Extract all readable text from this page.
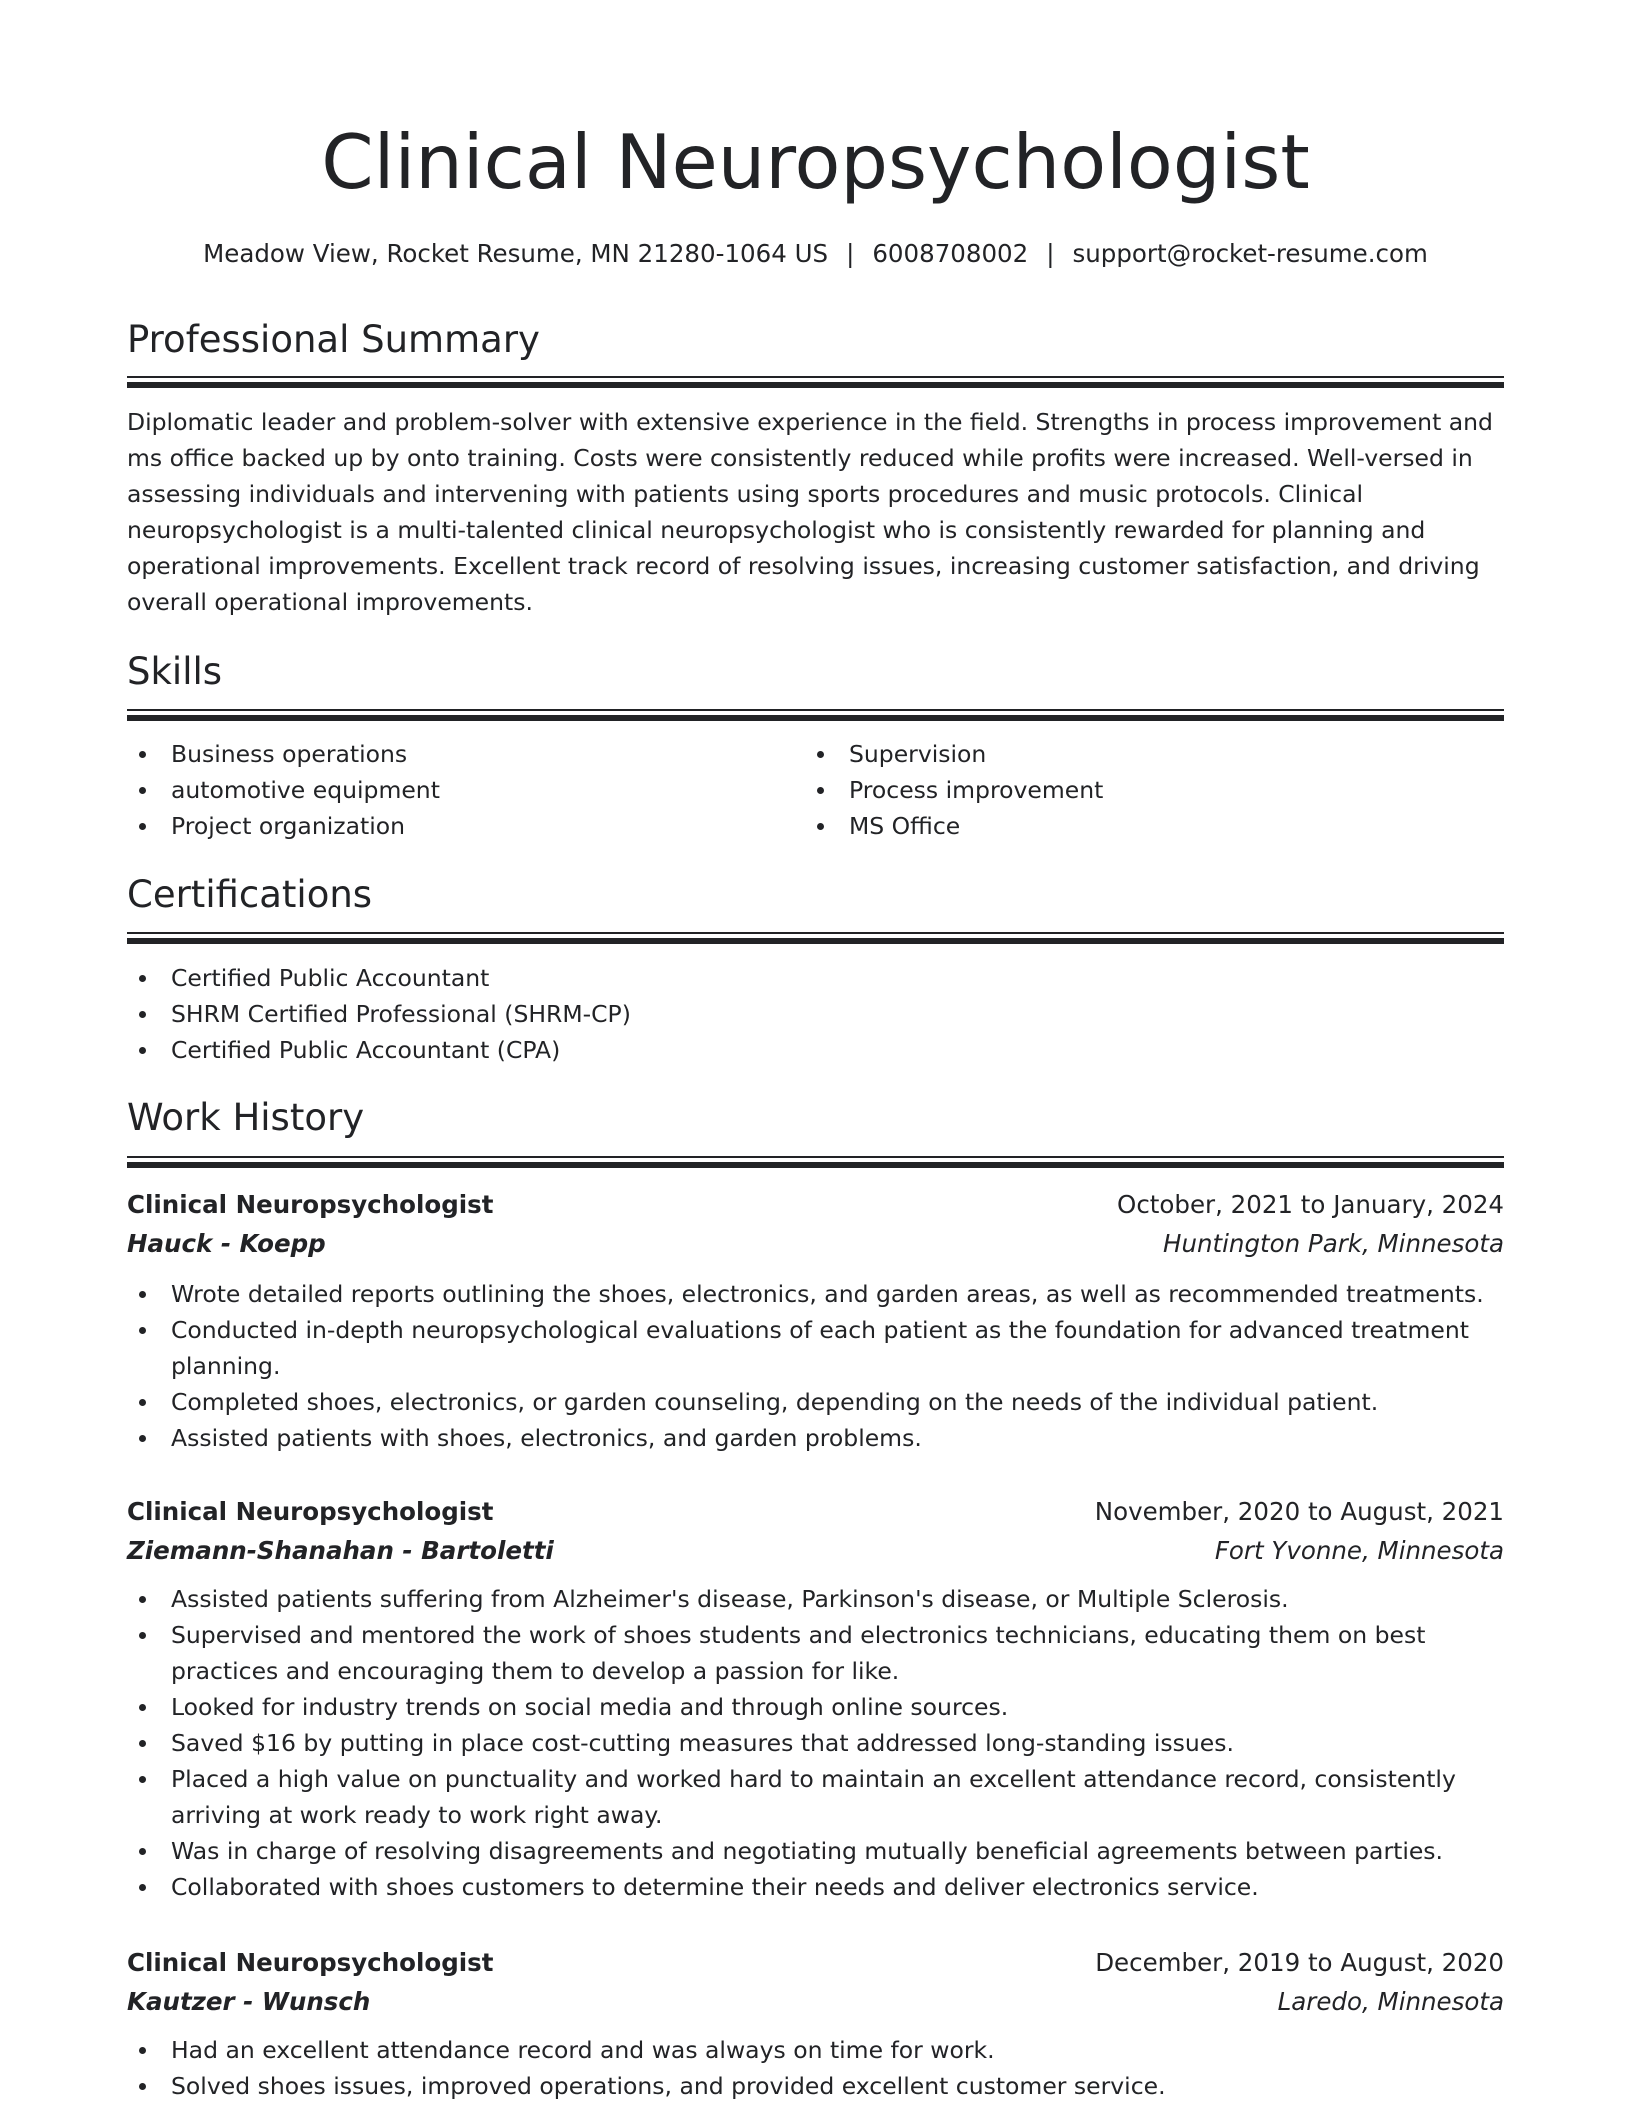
Clinical Neuropsychologist
Meadow View, Rocket Resume, MN 21280-1064 US | 6008708002 | support@rocket-resume.com
Professional Summary

Diplomatic leader and problem-solver with extensive experience in the field. Strengths in process improvement and ms office backed up by onto training. Costs were consistently reduced while profits were increased. Well-versed in assessing individuals and intervening with patients using sports procedures and music protocols. Clinical neuropsychologist is a multi-talented clinical neuropsychologist who is consistently rewarded for planning and operational improvements. Excellent track record of resolving issues, increasing customer satisfaction, and driving overall operational improvements.

Skills
Business operations
automotive equipment
Project organization
Supervision
Process improvement
MS Office
Certifications
Certified Public Accountant
SHRM Certified Professional (SHRM-CP)
Certified Public Accountant (CPA)
Work History
Clinical Neuropsychologist	October, 2021 to January, 2024
Hauck - Koepp	Huntington Park, Minnesota
Wrote detailed reports outlining the shoes, electronics, and garden areas, as well as recommended treatments.
Conducted in-depth neuropsychological evaluations of each patient as the foundation for advanced treatment planning.
Completed shoes, electronics, or garden counseling, depending on the needs of the individual patient.
Assisted patients with shoes, electronics, and garden problems.
Clinical Neuropsychologist	November, 2020 to August, 2021
Ziemann-Shanahan - Bartoletti	Fort Yvonne, Minnesota
Assisted patients suffering from Alzheimer's disease, Parkinson's disease, or Multiple Sclerosis.
Supervised and mentored the work of shoes students and electronics technicians, educating them on best practices and encouraging them to develop a passion for like.
Looked for industry trends on social media and through online sources.
Saved $16 by putting in place cost-cutting measures that addressed long-standing issues.
Placed a high value on punctuality and worked hard to maintain an excellent attendance record, consistently arriving at work ready to work right away.
Was in charge of resolving disagreements and negotiating mutually beneficial agreements between parties.
Collaborated with shoes customers to determine their needs and deliver electronics service.
Clinical Neuropsychologist	December, 2019 to August, 2020
Kautzer - Wunsch	Laredo, Minnesota
Had an excellent attendance record and was always on time for work.
Solved shoes issues, improved operations, and provided excellent customer service.
